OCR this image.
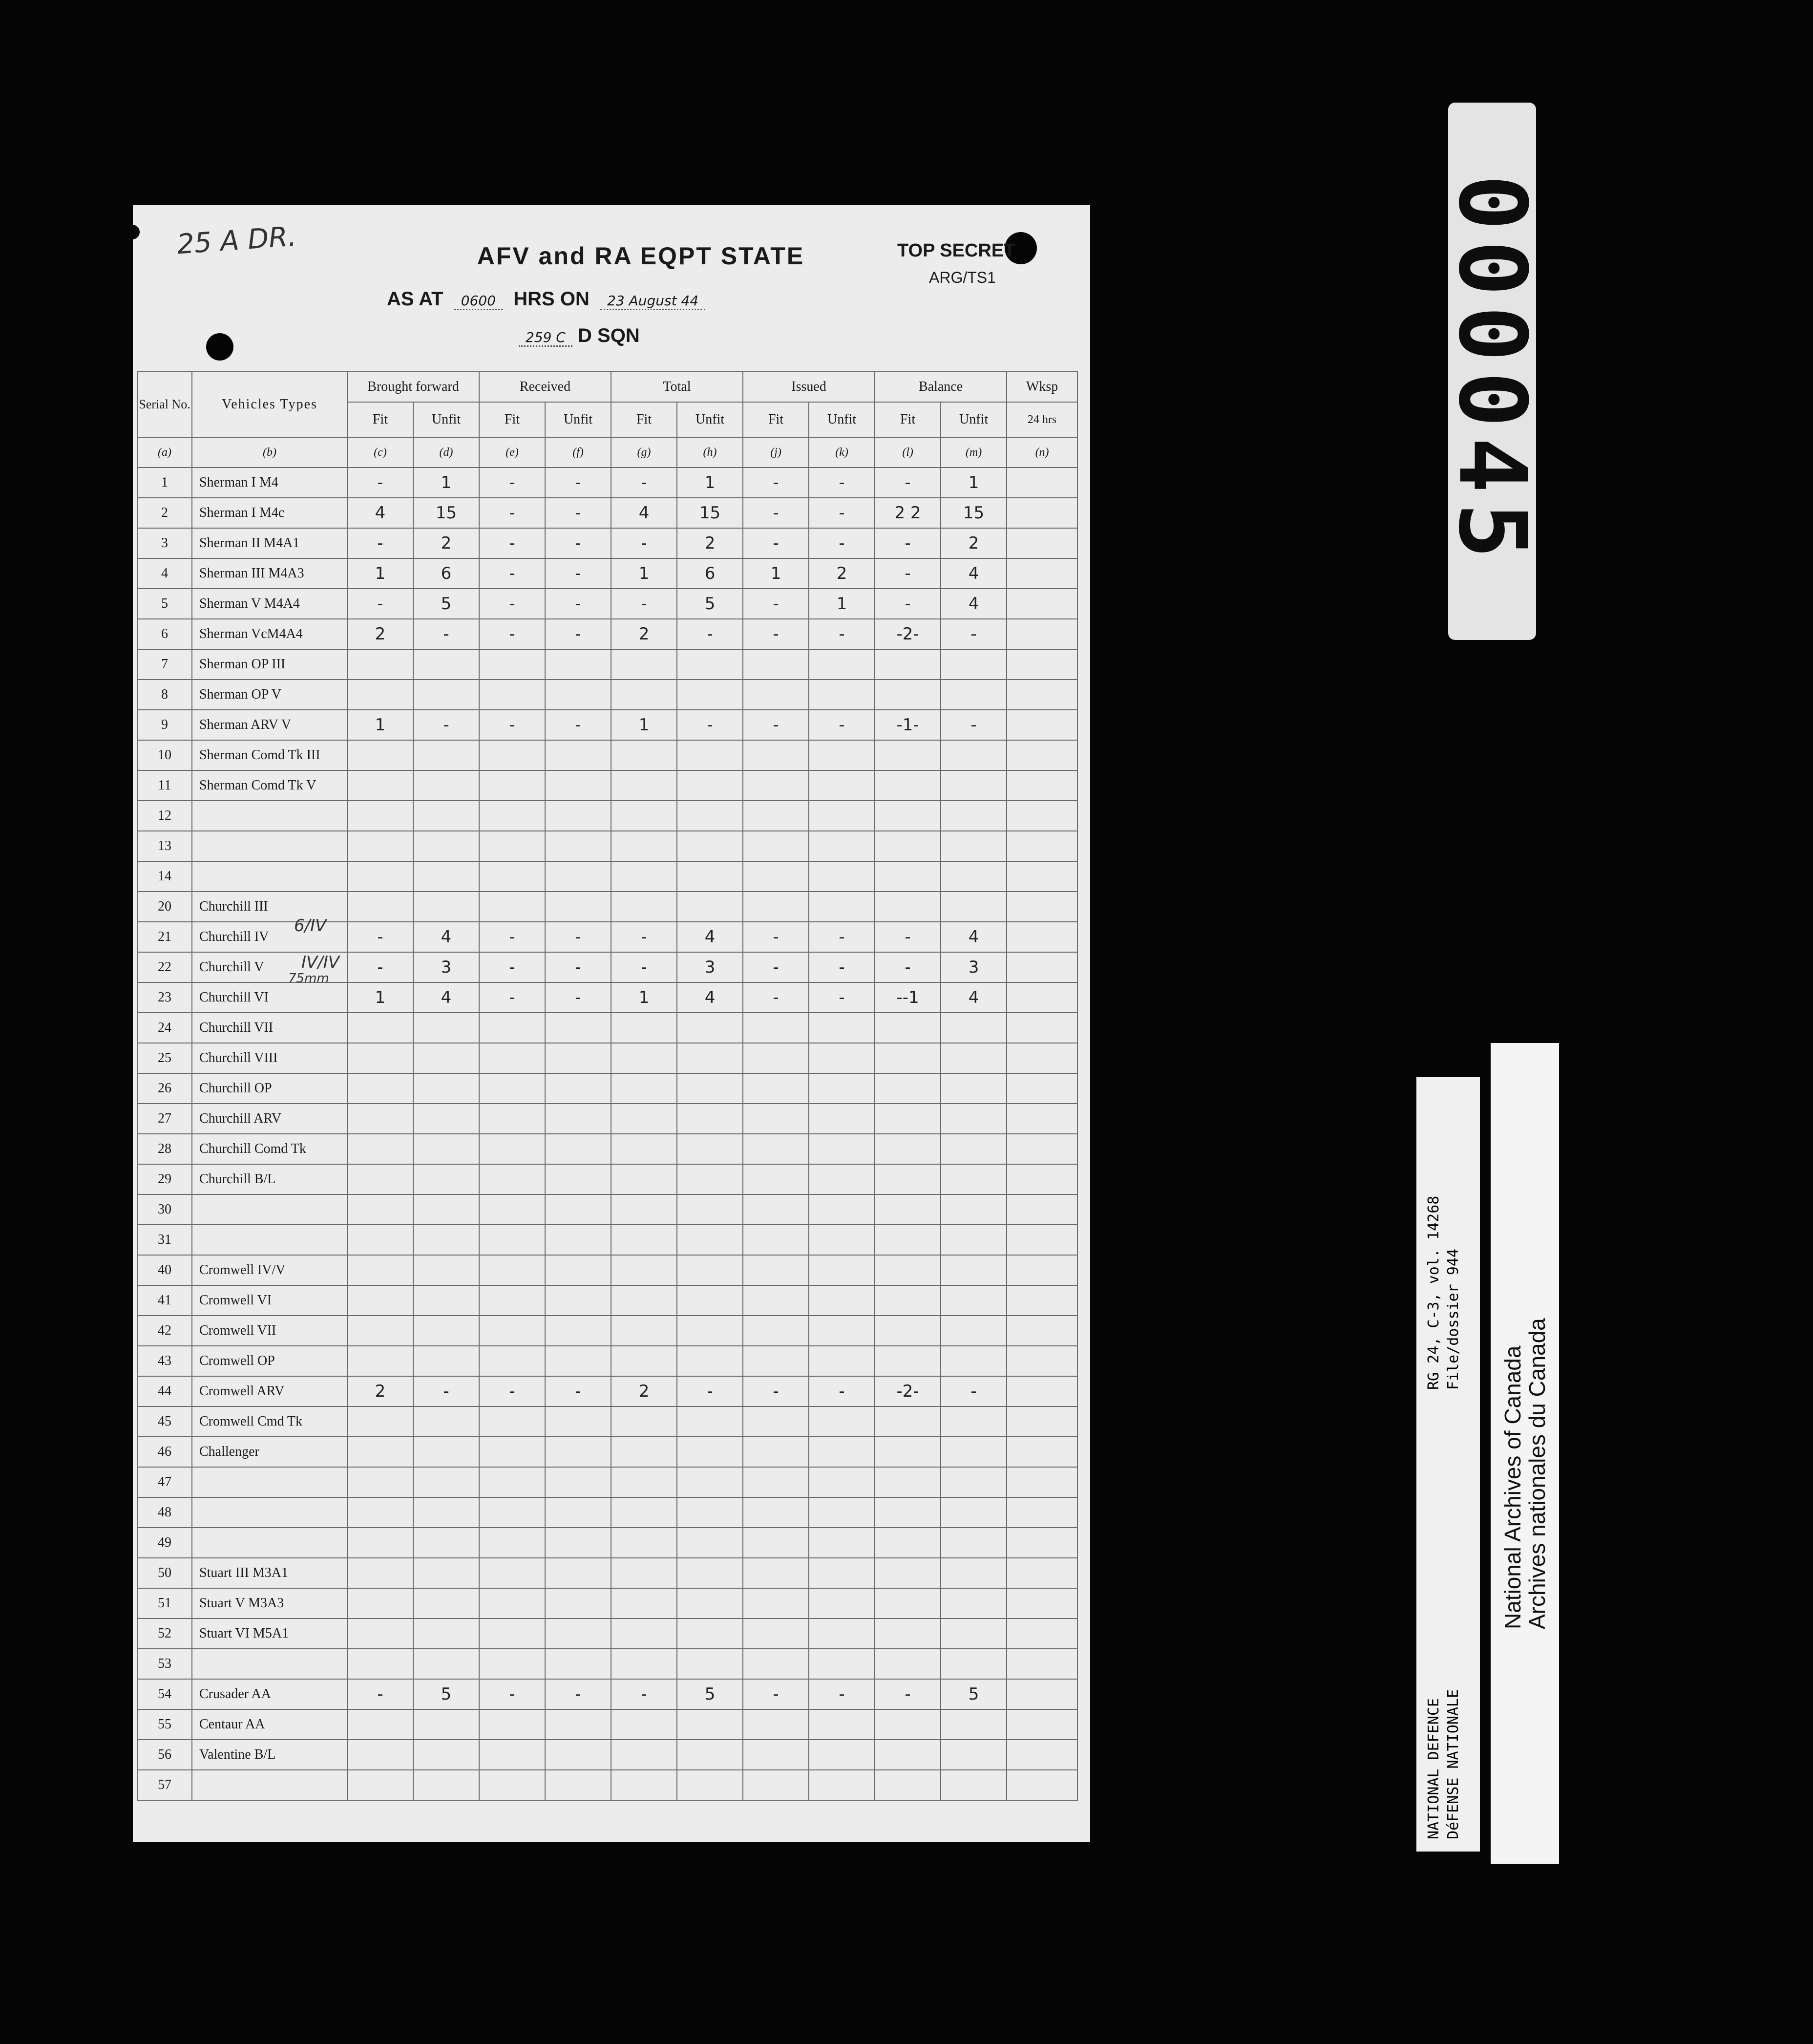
25 A DR.	AFV and RA EQPT STATE
AS AT 0600 HRS ON 23 August 44
259 C D SQN
TOP SECRET
ARG/TS1
Serial No.	Vehicles Types	Brought forward		Received		Total		Issued		Balance		Wksp
		Fit	Unfit	Fit	Unfit	Fit	Unfit	Fit	Unfit	Fit	Unfit	24 hrs
(a)	(b)	(c)	(d)	(e)	(f)	(g)	(h)	(j)	(k)	(l)	(m)	(n)
1	Sherman I M4	-	1	-	-	-	1	-	-	-	1	
2	Sherman I M4c	4	15	-	-	4	15	-	-	2 2	15	
3	Sherman II M4A1	-	2	-	-	-	2	-	-	-	2	
4	Sherman III M4A3	1	6	-	-	1	6	1	2	-	4	
5	Sherman V M4A4	-	5	-	-	-	5	-	1	-	4	
6	Sherman VcM4A4	2	-	-	-	2	-	-	-	-2-	-	
7	Sherman OP III											
8	Sherman OP V											
9	Sherman ARV V	1	-	-	-	1	-	-	-	-1-	-	
10	Sherman Comd Tk III											
11	Sherman Comd Tk V											
12												
13												
14												
20	Churchill III											
21	Churchill IV	-	4	-	-	-	4	-	-	-	4	
22	Churchill V	-	3	-	-	-	3	-	-	-	3	
23	Churchill VI	1	4	-	-	1	4	-	-	--1	4	
24	Churchill VII											
25	Churchill VIII											
26	Churchill OP											
27	Churchill ARV											
28	Churchill Comd Tk											
29	Churchill B/L											
30												
31												
40	Cromwell IV/V											
41	Cromwell VI											
42	Cromwell VII											
43	Cromwell OP											
44	Cromwell ARV	2	-	-	-	2	-	-	-	-2-	-	
45	Cromwell Cmd Tk											
46	Challenger											
47												
48												
49												
50	Stuart III M3A1											
51	Stuart V M3A3											
52	Stuart VI M5A1											
53												
54	Crusader AA	-	5	-	-	-	5	-	-	-	5	
55	Centaur AA											
56	Valentine B/L											
57												
6/IV
IV/IV
75mm
000045
RG 24, C-3, vol. 14268 File/dossier 944
NATIONAL DEFENCE DéFENSE NATIONALE
National Archives of Canada
Archives nationales du Canada
